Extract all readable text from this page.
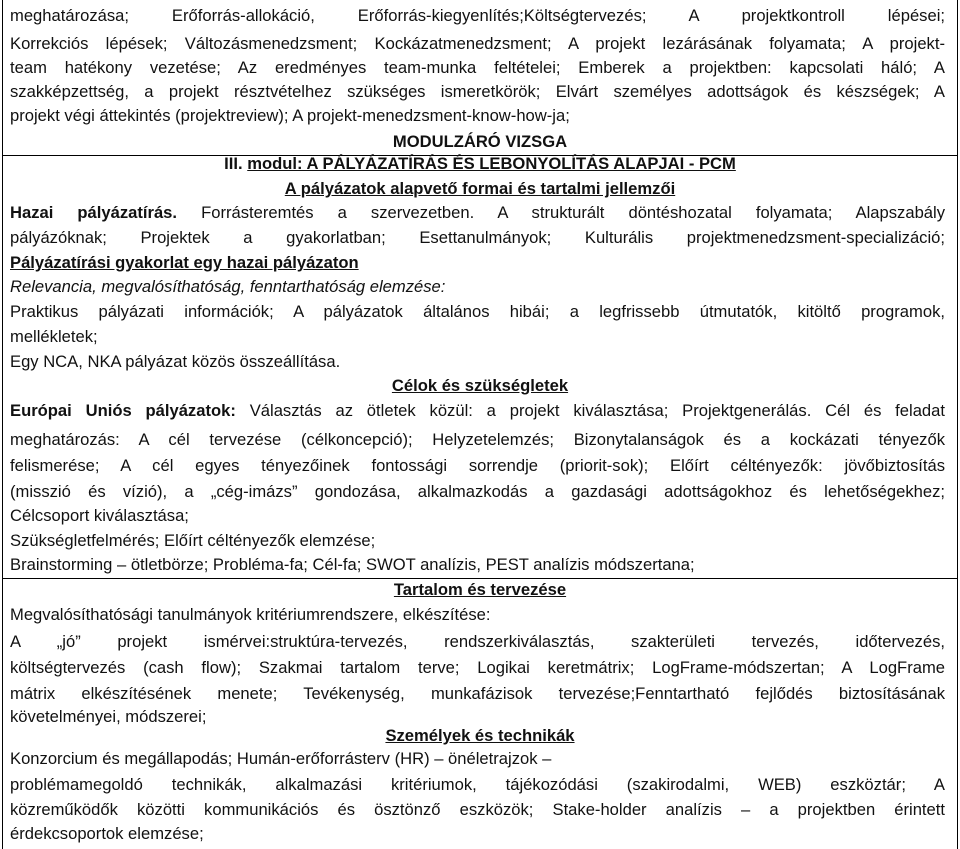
meghatározása; Erőforrás-allokáció, Erőforrás-kiegyenlítés;Költségtervezés; A projektkontroll lépései;
Korrekciós lépések; Változásmenedzsment; Kockázatmenedzsment; A projekt lezárásának folyamata; A projekt-
team hatékony vezetése; Az eredményes team-munka feltételei; Emberek a projektben: kapcsolati háló; A
szakképzettség, a projekt résztvételhez szükséges ismeretkörök; Elvárt személyes adottságok és készségek; A
projekt végi áttekintés (projektreview); A projekt-menedzsment-know-how-ja;
MODULZÁRÓ VIZSGA
III. modul: A PÁLYÁZATÍRÁS ÉS LEBONYOLÍTÁS ALAPJAI - PCM
A pályázatok alapvető formai és tartalmi jellemzői
Hazai pályázatírás. Forrásteremtés a szervezetben. A strukturált döntéshozatal folyamata; Alapszabály
pályázóknak; Projektek a gyakorlatban; Esettanulmányok; Kulturális projektmenedzsment-specializáció;
Pályázatírási gyakorlat egy hazai pályázaton
Relevancia, megvalósíthatóság, fenntarthatóság elemzése:
Praktikus pályázati információk; A pályázatok általános hibái; a legfrissebb útmutatók, kitöltő programok,
mellékletek;
Egy NCA, NKA pályázat közös összeállítása.
Célok és szükségletek
Európai Uniós pályázatok: Választás az ötletek közül: a projekt kiválasztása; Projektgenerálás. Cél és feladat
meghatározás: A cél tervezése (célkoncepció); Helyzetelemzés; Bizonytalanságok és a kockázati tényezők
felismerése; A cél egyes tényezőinek fontossági sorrendje (priorit-sok); Előírt céltényezők: jövőbiztosítás
(misszió és vízió), a „cég-imázs” gondozása, alkalmazkodás a gazdasági adottságokhoz és lehetőségekhez;
Célcsoport kiválasztása;
Szükségletfelmérés; Előírt céltényezők elemzése;
Brainstorming – ötletbörze; Probléma-fa; Cél-fa; SWOT analízis, PEST analízis módszertana;
Tartalom és tervezése
Megvalósíthatósági tanulmányok kritériumrendszere, elkészítése:
A „jó” projekt ismérvei:struktúra-tervezés, rendszerkiválasztás, szakterületi tervezés, időtervezés,
költségtervezés (cash flow); Szakmai tartalom terve; Logikai keretmátrix; LogFrame-módszertan; A LogFrame
mátrix elkészítésének menete; Tevékenység, munkafázisok tervezése;Fenntartható fejlődés biztosításának
követelményei, módszerei;
Személyek és technikák
Konzorcium és megállapodás; Humán-erőforrásterv (HR) – önéletrajzok –
problémamegoldó technikák, alkalmazási kritériumok, tájékozódási (szakirodalmi, WEB) eszköztár; A
közreműködők közötti kommunikációs és ösztönző eszközök; Stake-holder analízis – a projektben érintett
érdekcsoportok elemzése;
